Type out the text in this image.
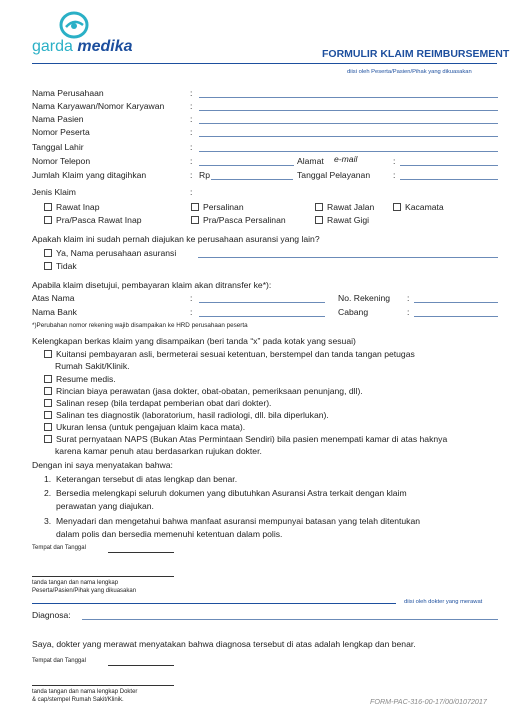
garda medika	FORMULIR KLAIM REIMBURSEMENT
diisi oleh Peserta/Pasien/Pihak yang dikuasakan
Nama Perusahaan	:
Nama Karyawan/Nomor Karyawan	:
Nama Pasien	:
Nomor Peserta	:
Tanggal Lahir	:
Nomor Telepon	:	Alamat e-mail	:
Jumlah Klaim yang ditagihkan	: Rp	Tanggal Pelayanan	:
Jenis Klaim	:
Rawat Inap	Persalinan	Rawat Jalan	Kacamata
Pra/Pasca Rawat Inap	Pra/Pasca Persalinan	Rawat Gigi
Apakah klaim ini sudah pernah diajukan ke perusahaan asuransi yang lain?
Ya, Nama perusahaan asuransi
Tidak
Apabila klaim disetujui, pembayaran klaim akan ditransfer ke*):
Atas Nama	:	No. Rekening :
Nama Bank	:	Cabang	:
*)Perubahan nomor rekening wajib disampaikan ke HRD perusahaan peserta
Kelengkapan berkas klaim yang disampaikan (beri tanda “x” pada kotak yang sesuai)
Kuitansi pembayaran asli, bermeterai sesuai ketentuan, berstempel dan tanda tangan petugas
Rumah Sakit/Klinik.
Resume medis.
Rincian biaya perawatan (jasa dokter, obat-obatan, pemeriksaan penunjang, dll).
Salinan resep (bila terdapat pemberian obat dari dokter).
Salinan tes diagnostik (laboratorium, hasil radiologi, dll. bila diperlukan).
Ukuran lensa (untuk pengajuan klaim kaca mata).
Surat pernyataan NAPS (Bukan Atas Permintaan Sendiri) bila pasien menempati kamar di atas haknya
karena kamar penuh atau berdasarkan rujukan dokter.
Dengan ini saya menyatakan bahwa:
1. Keterangan tersebut di atas lengkap dan benar.
2. Bersedia melengkapi seluruh dokumen yang dibutuhkan Asuransi Astra terkait dengan klaim
perawatan yang diajukan.
3. Menyadari dan mengetahui bahwa manfaat asuransi mempunyai batasan yang telah ditentukan
dalam polis dan bersedia memenuhi ketentuan dalam polis.
Tempat dan Tanggal
tanda tangan dan nama lengkap
Peserta/Pasien/Pihak yang dikuasakan
diisi oleh dokter yang merawat
Diagnosa:
Saya, dokter yang merawat menyatakan bahwa diagnosa tersebut di atas adalah lengkap dan benar.
Tempat dan Tanggal
tanda tangan dan nama lengkap Dokter
& cap/stempel Rumah Sakit/Klinik.	FORM-PAC-316-00-17/00/01072017
